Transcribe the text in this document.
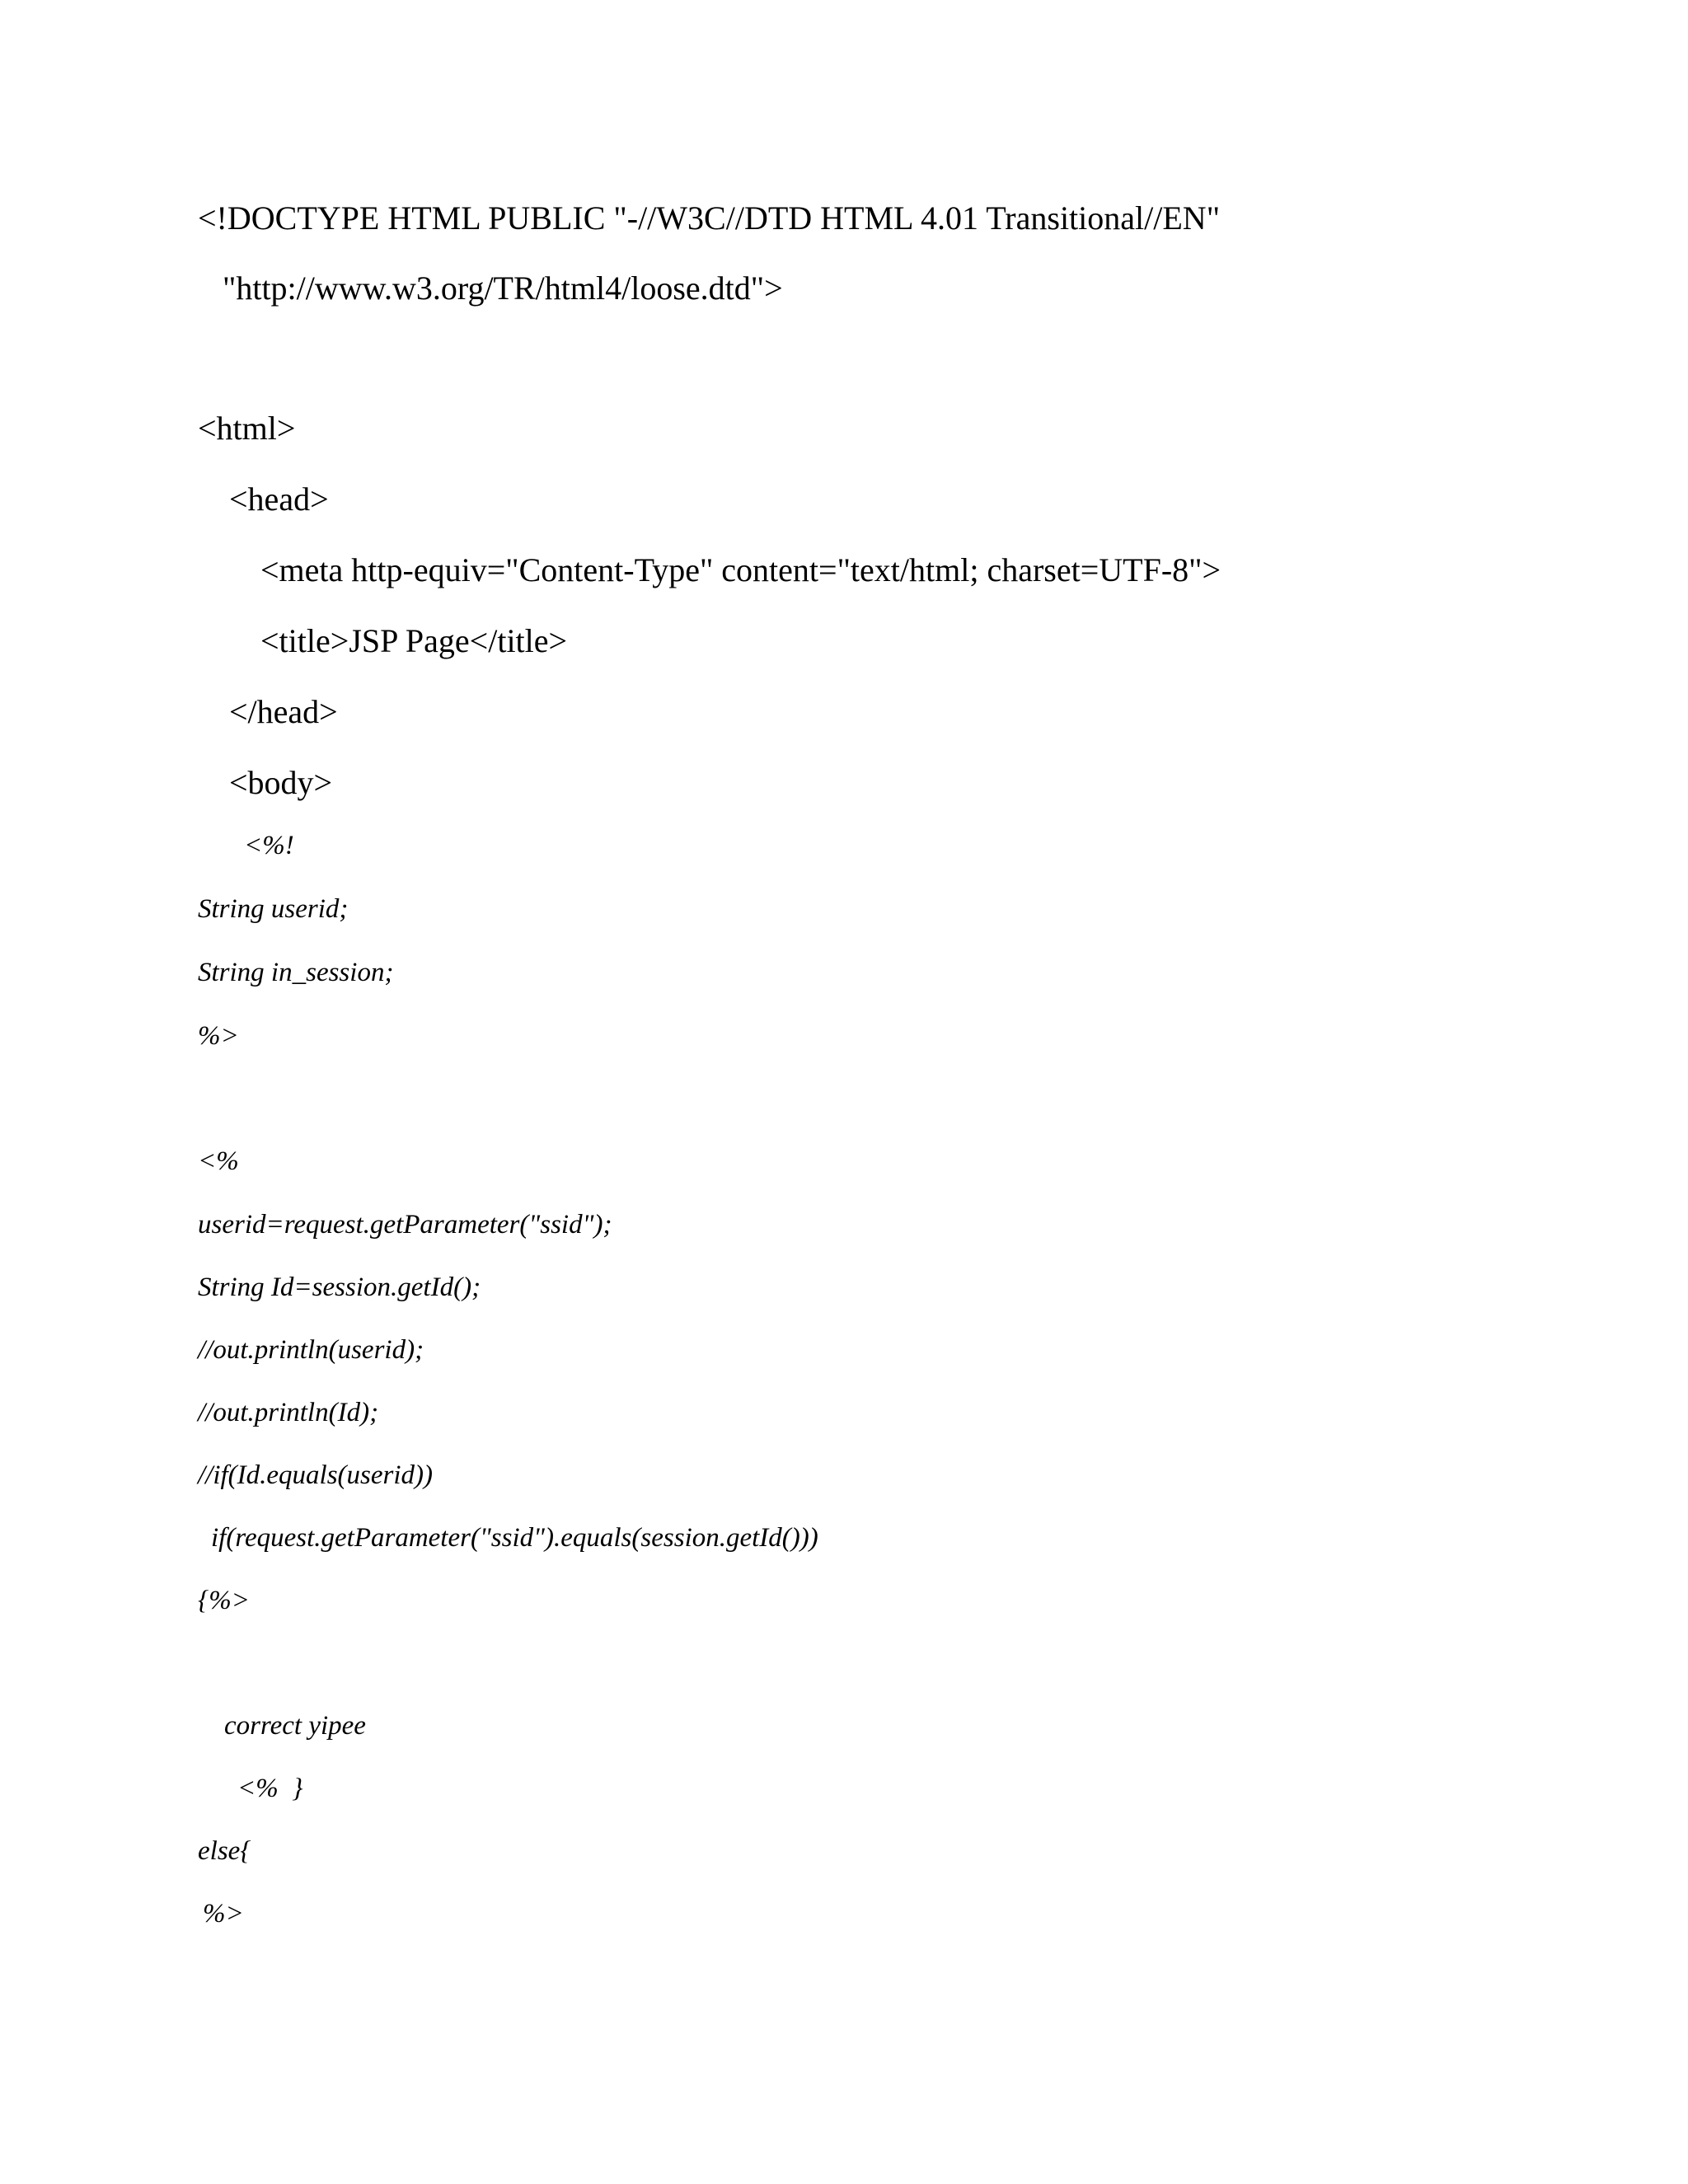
<!DOCTYPE HTML PUBLIC "-//W3C//DTD HTML 4.01 Transitional//EN"
"http://www.w3.org/TR/html4/loose.dtd">
<html>
<head>
<meta http-equiv="Content-Type" content="text/html; charset=UTF-8">
<title>JSP Page</title>
</head>
<body>
<%!
String userid;
String in_session;
%>
<%
userid=request.getParameter("ssid");
String Id=session.getId();
//out.println(userid);
//out.println(Id);
//if(Id.equals(userid))
if(request.getParameter("ssid").equals(session.getId()))
{%>
correct yipee
<%  }
else{
%>
